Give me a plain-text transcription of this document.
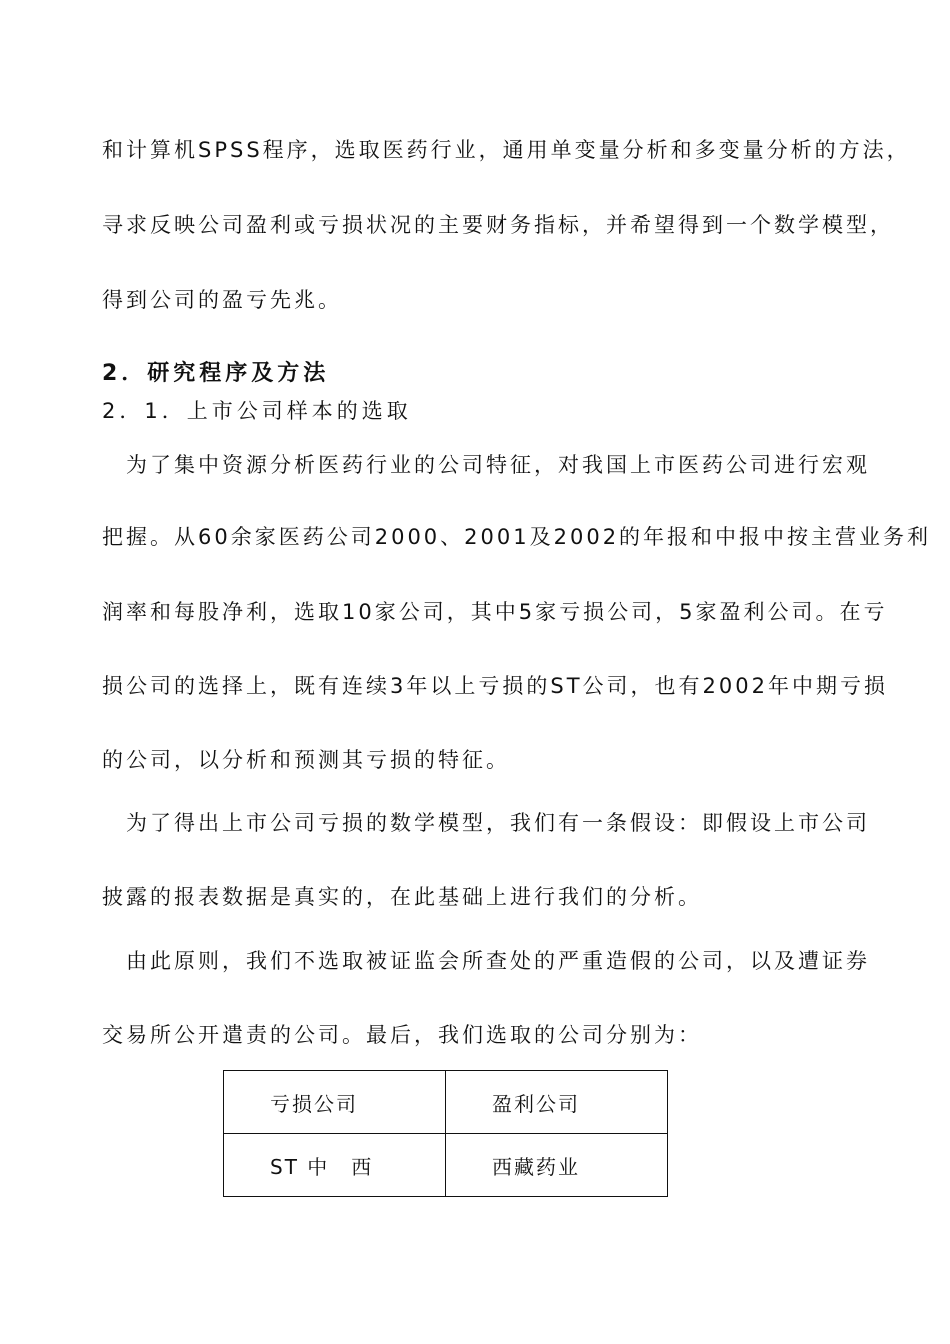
和计算机SPSS程序，选取医药行业，通用单变量分析和多变量分析的方法，
寻求反映公司盈利或亏损状况的主要财务指标，并希望得到一个数学模型，
得到公司的盈亏先兆。
2．研究程序及方法
2．1．上市公司样本的选取
　为了集中资源分析医药行业的公司特征，对我国上市医药公司进行宏观
把握。从60余家医药公司2000、2001及2002的年报和中报中按主营业务利
润率和每股净利，选取10家公司，其中5家亏损公司，5家盈利公司。在亏
损公司的选择上，既有连续3年以上亏损的ST公司，也有2002年中期亏损
的公司，以分析和预测其亏损的特征。
　为了得出上市公司亏损的数学模型，我们有一条假设：即假设上市公司
披露的报表数据是真实的，在此基础上进行我们的分析。
　由此原则，我们不选取被证监会所查处的严重造假的公司，以及遭证券
交易所公开遣责的公司。最后，我们选取的公司分别为：
亏损公司	盈利公司
ST 中　西	西藏药业
